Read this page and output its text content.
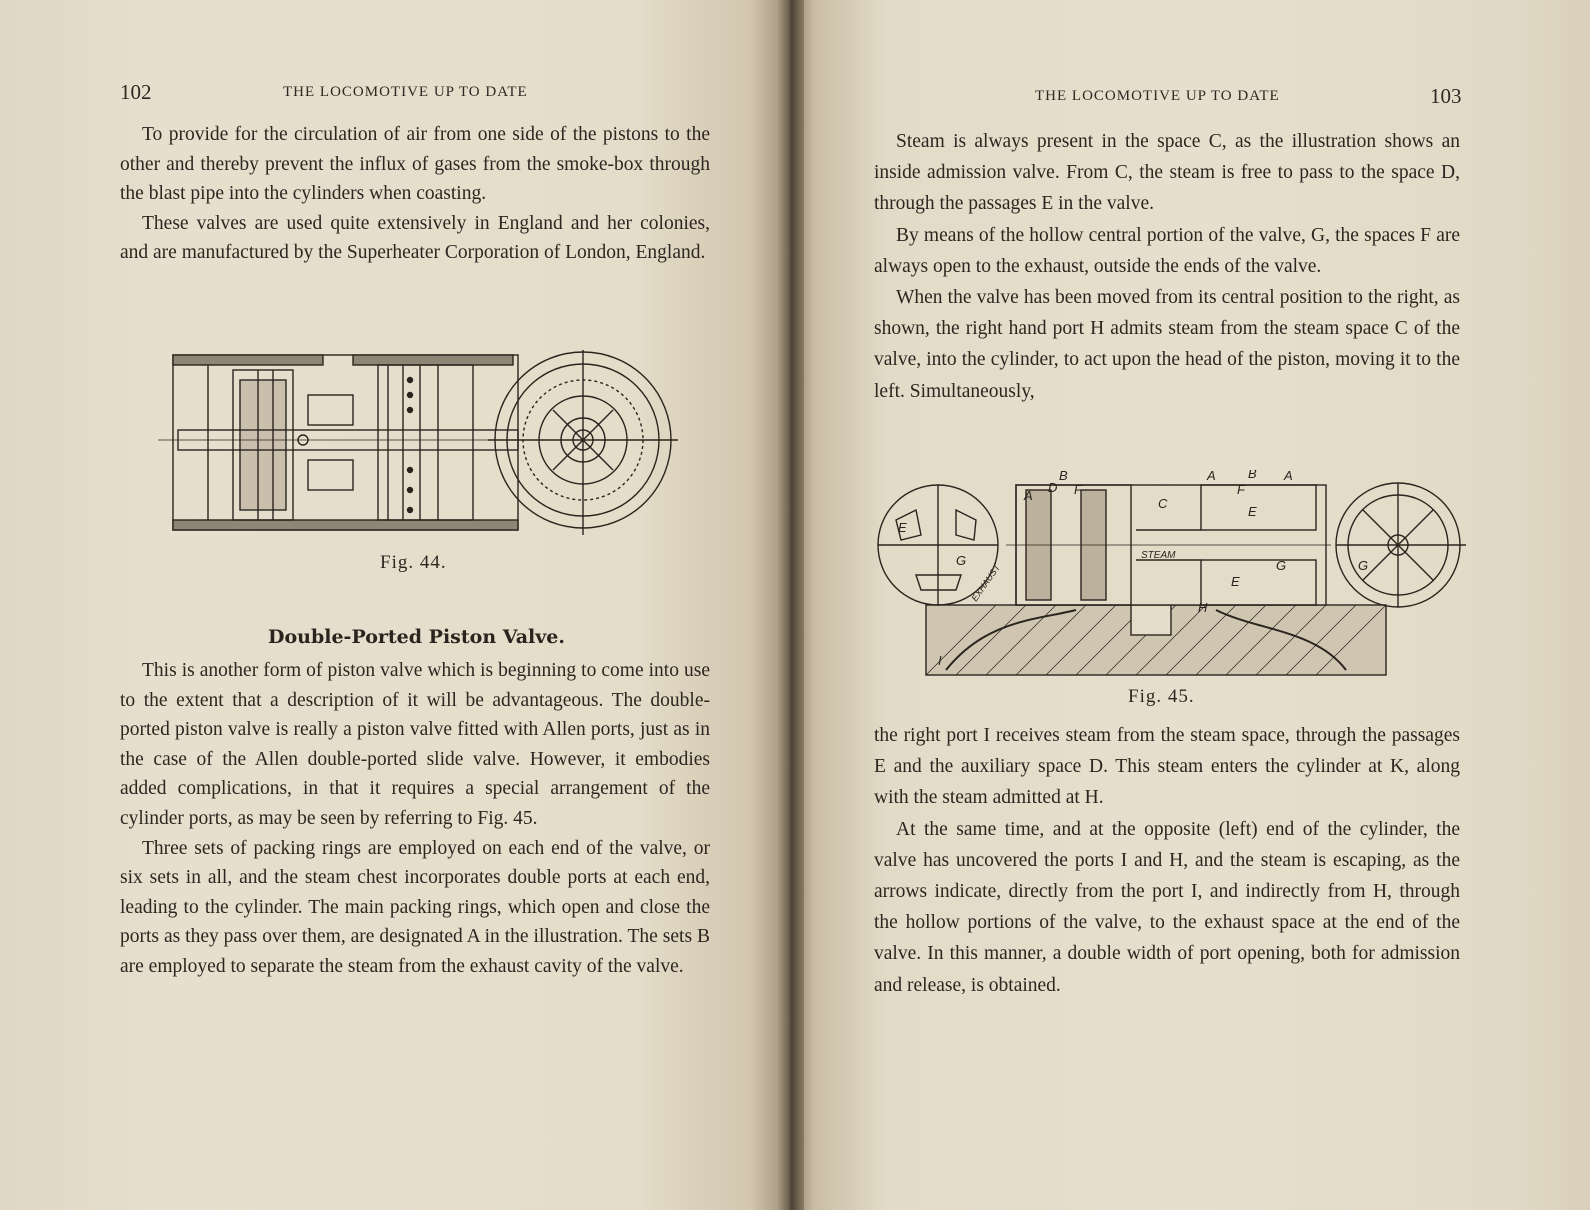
102	THE LOCOMOTIVE UP TO DATE

To provide for the circulation of air from one side of the pistons to the other and thereby prevent the influx of gases from the smoke-box through the blast pipe into the cylinders when coasting.

These valves are used quite extensively in England and her colonies, and are manufactured by the Superheater Corporation of London, England.

Fig. 44.
Double-Ported Piston Valve.

This is another form of piston valve which is beginning to come into use to the extent that a description of it will be advantageous. The double-ported piston valve is really a piston valve fitted with Allen ports, just as in the case of the Allen double-ported slide valve. However, it embodies added complications, in that it requires a special arrangement of the cylinder ports, as may be seen by referring to Fig. 45.

Three sets of packing rings are employed on each end of the valve, or six sets in all, and the steam chest incorporates double ports at each end, leading to the cylinder. The main packing rings, which open and close the ports as they pass over them, are designated A in the illustration. The sets B are employed to separate the steam from the exhaust cavity of the valve.

THE LOCOMOTIVE UP TO DATE	103

Steam is always present in the space C, as the illustration shows an inside admission valve. From C, the steam is free to pass to the space D, through the passages E in the valve.

By means of the hollow central portion of the valve, G, the spaces F are always open to the exhaust, outside the ends of the valve.

When the valve has been moved from its central position to the right, as shown, the right hand port H admits steam from the steam space C of the valve, into the cylinder, to act upon the head of the piston, moving it to the left. Simultaneously,

B
A
D F
C
STEAM
A B A
F
E
G
E
H
I
G
E
G
EXHAUST
Fig. 45.

the right port I receives steam from the steam space, through the passages E and the auxiliary space D. This steam enters the cylinder at K, along with the steam admitted at H.

At the same time, and at the opposite (left) end of the cylinder, the valve has uncovered the ports I and H, and the steam is escaping, as the arrows indicate, directly from the port I, and indirectly from H, through the hollow portions of the valve, to the exhaust space at the end of the valve. In this manner, a double width of port opening, both for admission and release, is obtained.
